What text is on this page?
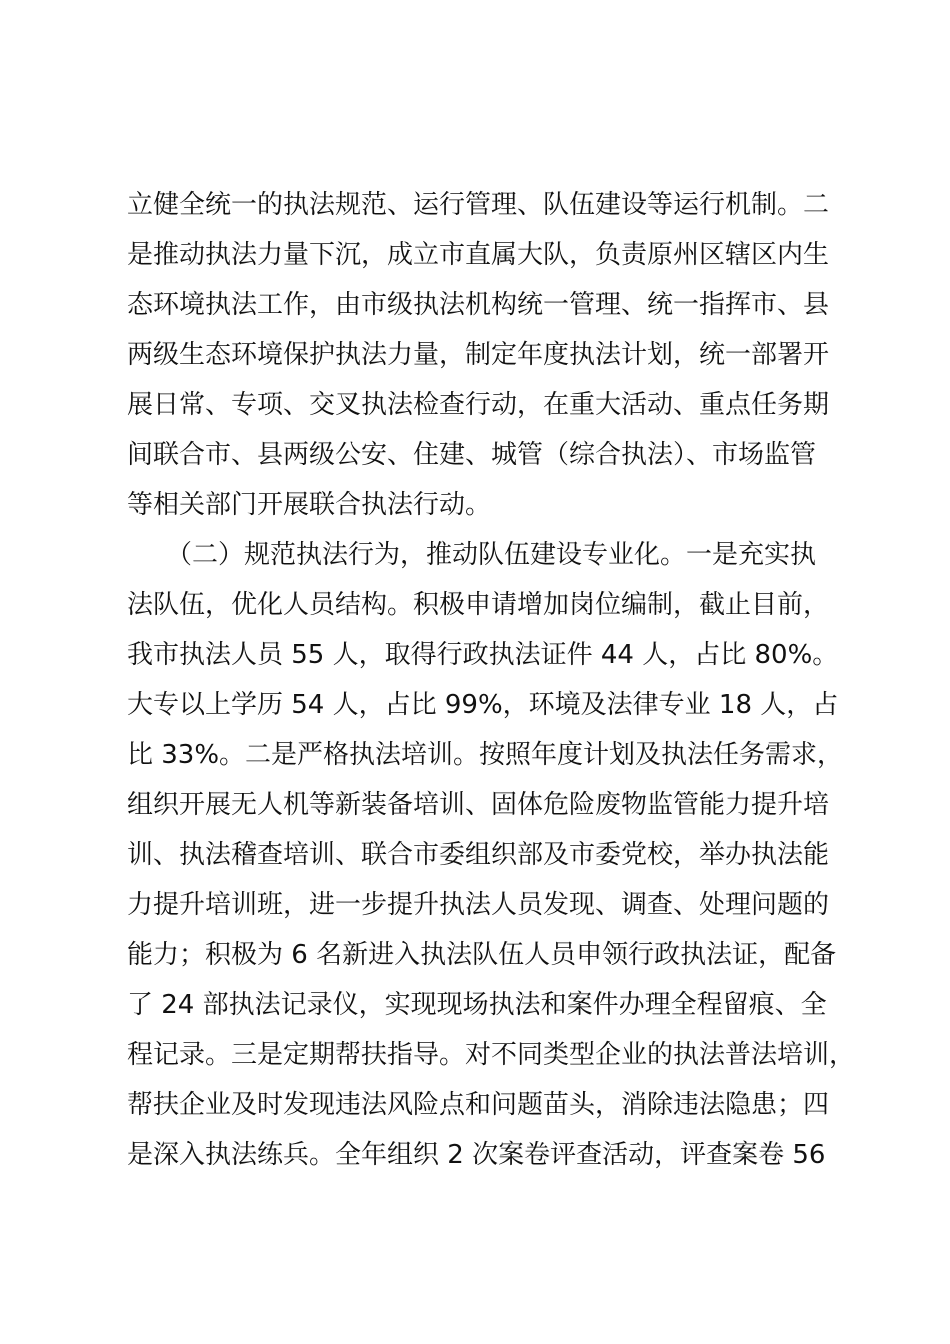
立健全统一的执法规范、运行管理、队伍建设等运行机制。二
是推动执法力量下沉，成立市直属大队，负责原州区辖区内生
态环境执法工作，由市级执法机构统一管理、统一指挥市、县
两级生态环境保护执法力量，制定年度执法计划，统一部署开
展日常、专项、交叉执法检查行动，在重大活动、重点任务期
间联合市、县两级公安、住建、城管（综合执法）、市场监管
等相关部门开展联合执法行动。
　　（二）规范执法行为，推动队伍建设专业化。一是充实执
法队伍，优化人员结构。积极申请增加岗位编制，截止目前，
我市执法人员 55 人，取得行政执法证件 44 人，占比 80%。
大专以上学历 54 人，占比 99%，环境及法律专业 18 人，占
比 33%。二是严格执法培训。按照年度计划及执法任务需求，
组织开展无人机等新装备培训、固体危险废物监管能力提升培
训、执法稽查培训、联合市委组织部及市委党校，举办执法能
力提升培训班，进一步提升执法人员发现、调查、处理问题的
能力；积极为 6 名新进入执法队伍人员申领行政执法证，配备
了 24 部执法记录仪，实现现场执法和案件办理全程留痕、全
程记录。三是定期帮扶指导。对不同类型企业的执法普法培训，
帮扶企业及时发现违法风险点和问题苗头，消除违法隐患；四
是深入执法练兵。全年组织 2 次案卷评查活动，评查案卷 56
